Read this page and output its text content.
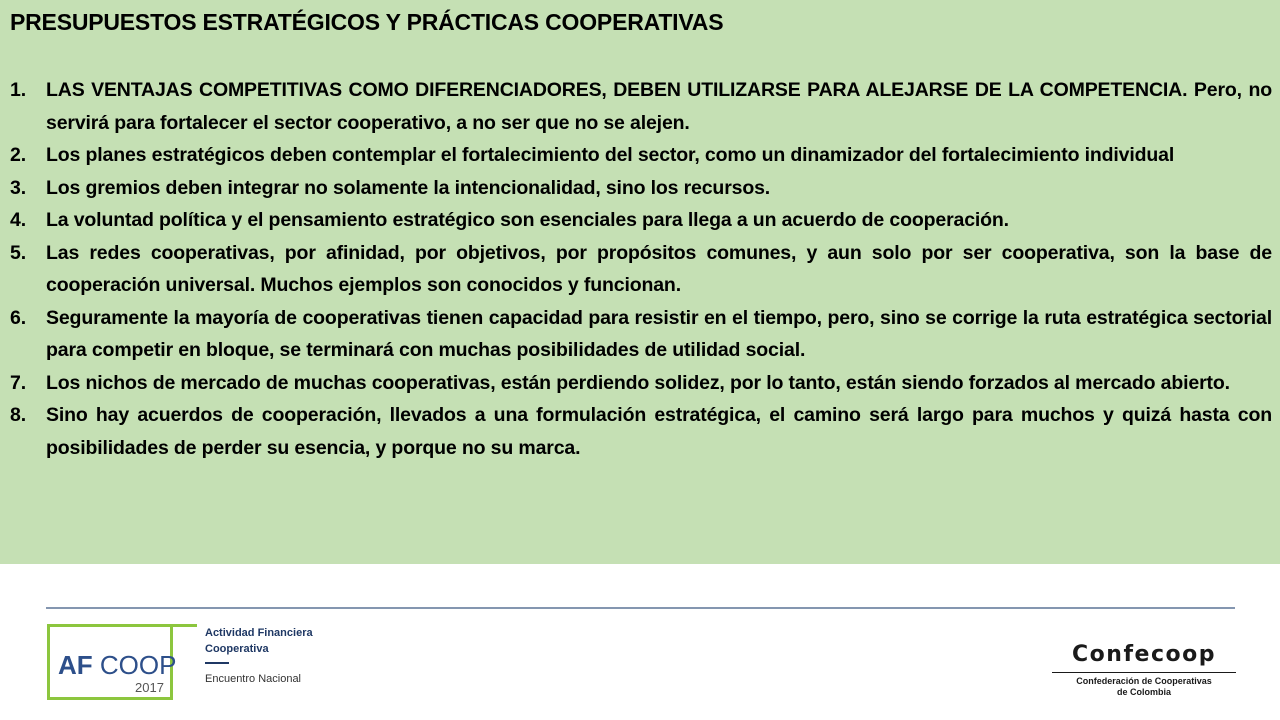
PRESUPUESTOS ESTRATÉGICOS Y PRÁCTICAS COOPERATIVAS
1.	LAS VENTAJAS COMPETITIVAS COMO DIFERENCIADORES, DEBEN UTILIZARSE PARA ALEJARSE DE LA COMPETENCIA. Pero, no servirá para fortalecer el sector cooperativo, a no ser que no se alejen.
2.	Los planes estratégicos deben contemplar el fortalecimiento del sector, como un dinamizador del fortalecimiento individual
3.	Los gremios deben integrar no solamente la intencionalidad, sino los recursos.
4.	La voluntad política y el pensamiento estratégico son esenciales para llega a un acuerdo de cooperación.
5.	Las redes cooperativas, por afinidad, por objetivos, por propósitos comunes, y aun solo por ser cooperativa, son la base de cooperación universal. Muchos ejemplos son conocidos y funcionan.
6.	Seguramente la mayoría de cooperativas tienen capacidad para resistir en el tiempo, pero, sino se corrige la ruta estratégica sectorial para competir en bloque, se terminará con muchas posibilidades de utilidad social.
7.	Los nichos de mercado de muchas cooperativas, están perdiendo solidez, por lo tanto, están siendo forzados al mercado abierto.
8.	Sino hay acuerdos de cooperación, llevados a una formulación estratégica, el camino será largo para muchos y quizá hasta con posibilidades de perder su esencia, y porque no su marca.
AF COOP
2017
Actividad Financiera
Cooperativa
Encuentro Nacional
Confecoop
Confederación de Cooperativas
de Colombia
